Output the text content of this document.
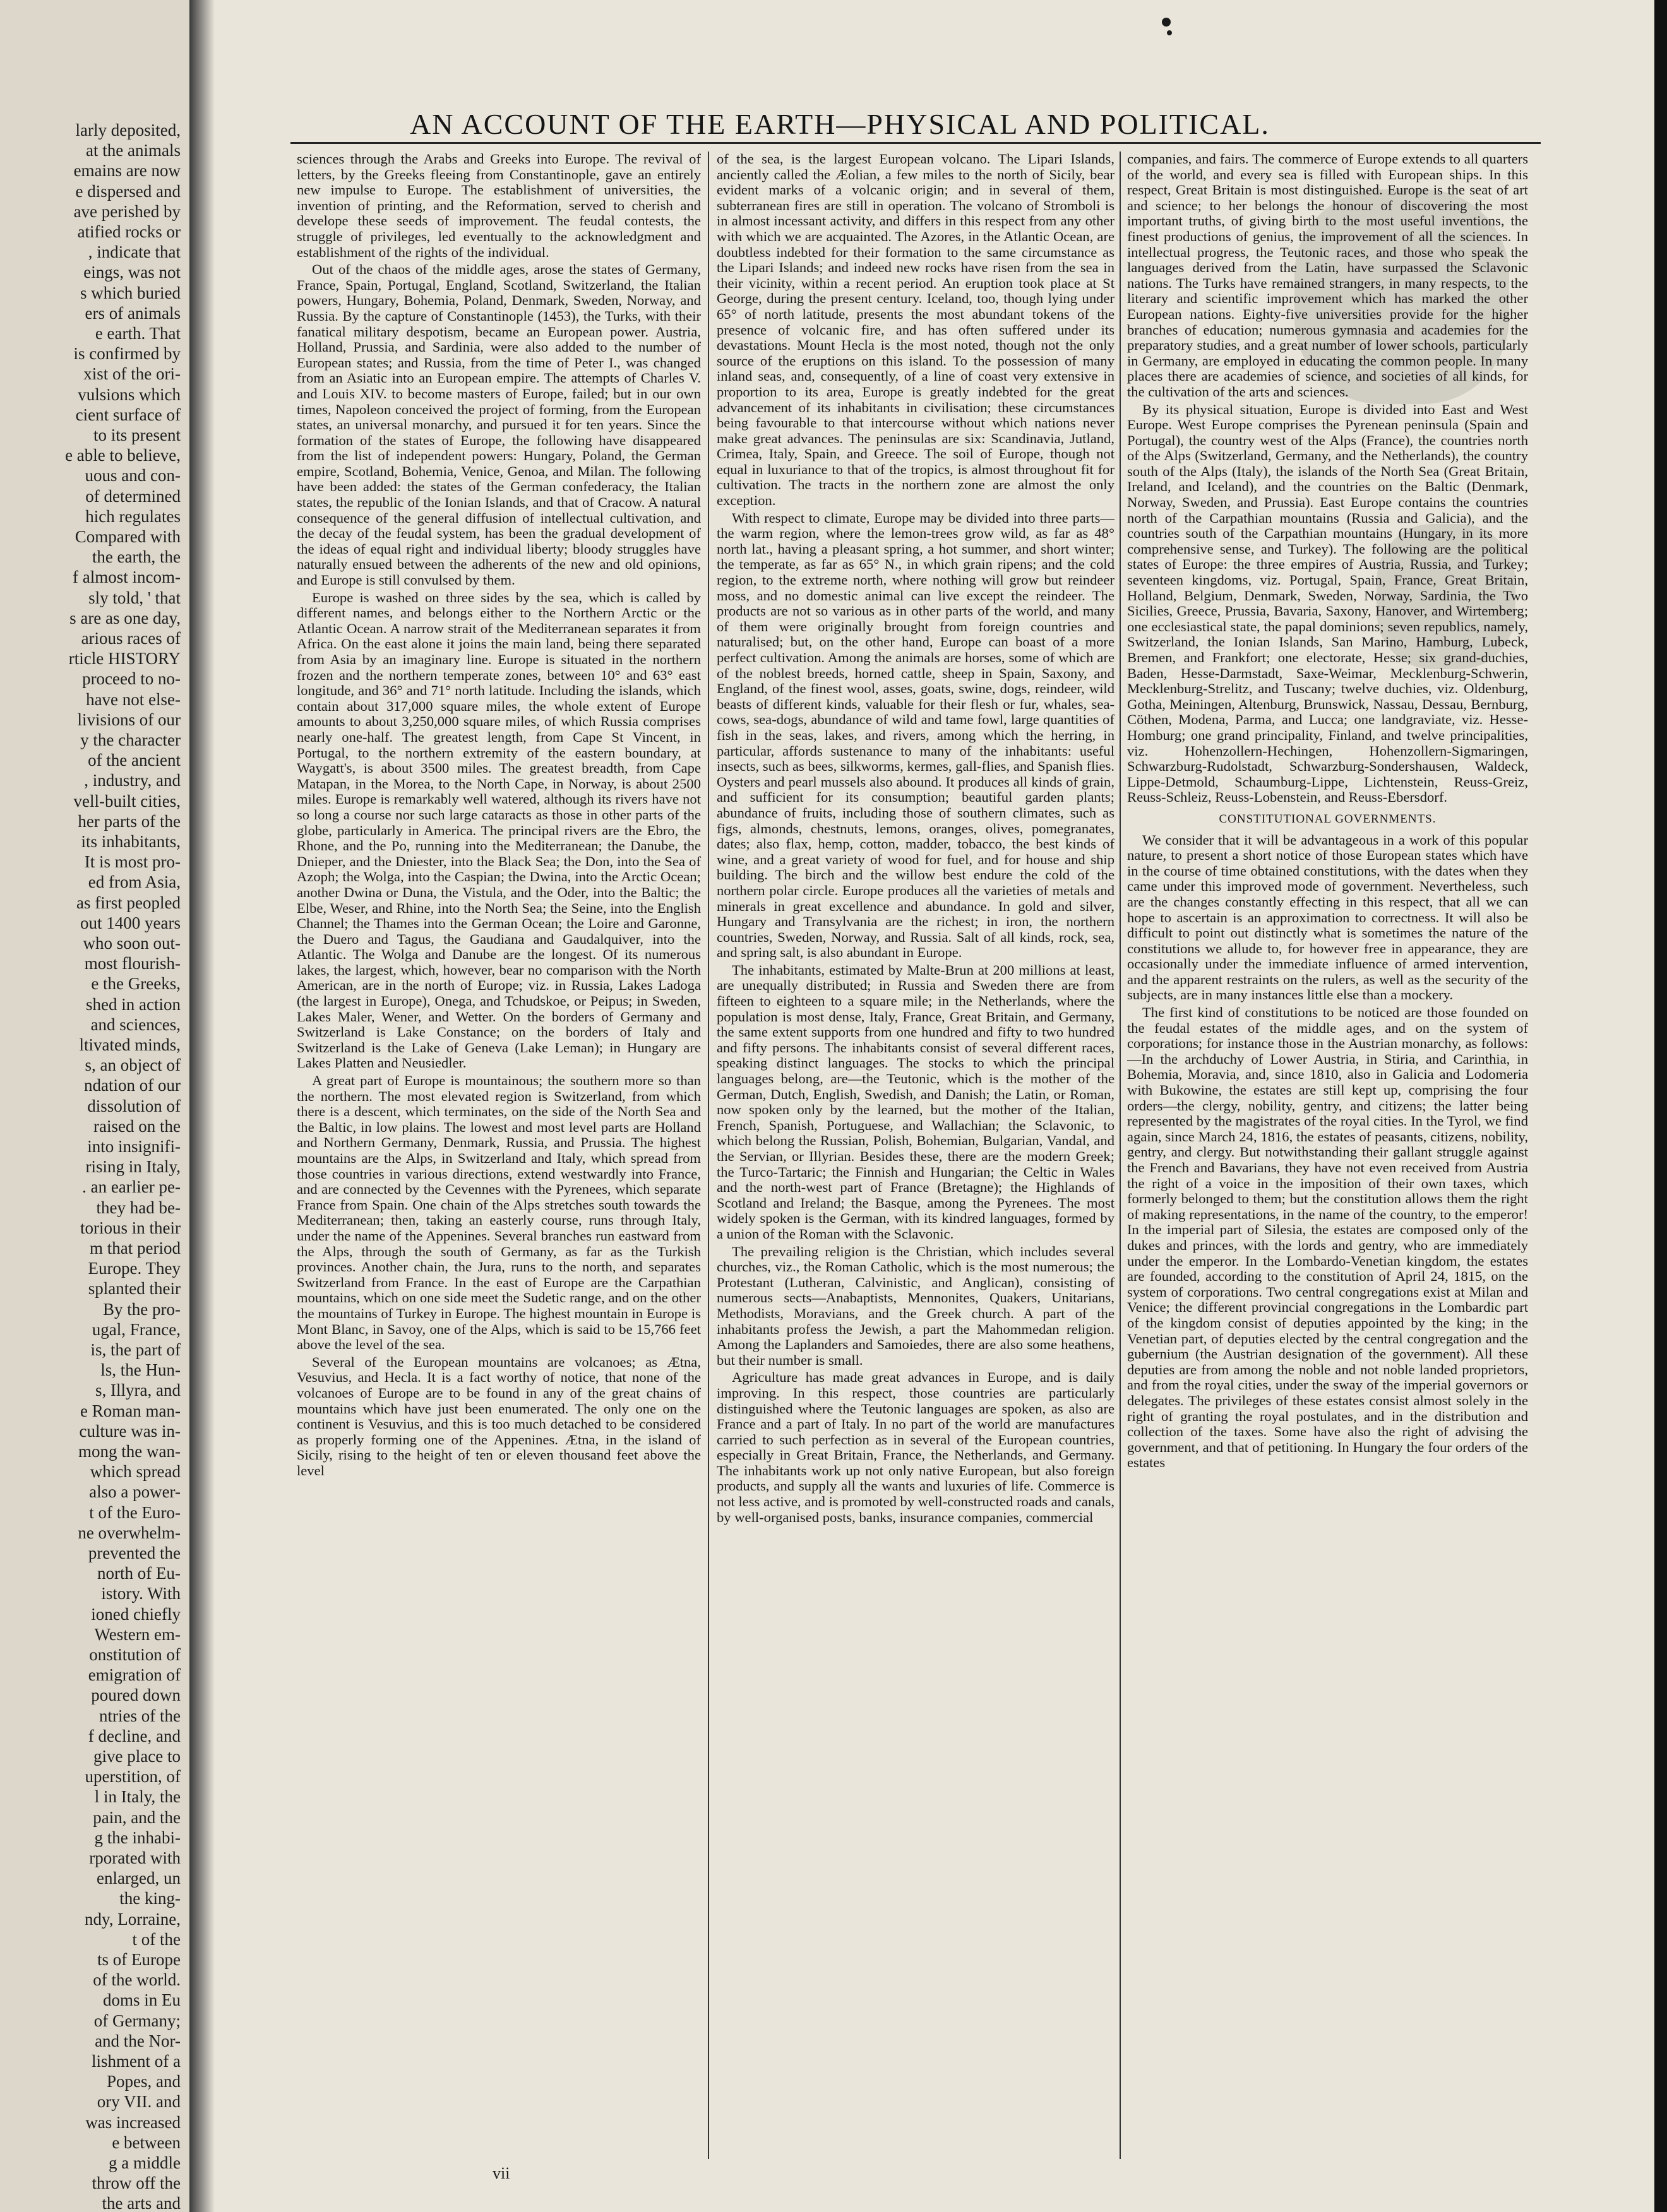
larly deposited,
at the animals
emains are now
e dispersed and
ave perished by
atified rocks or
, indicate that
eings, was not
s which buried
ers of animals
e earth. That
is confirmed by
xist of the ori-
vulsions which
cient surface of
to its present
e able to believe,
uous and con-
of determined
hich regulates
Compared with
the earth, the
f almost incom-
sly told, ' that
s are as one day,
arious races of
rticle HISTORY
proceed to no-
have not else-
livisions of our
y the character
of the ancient
, industry, and
vell-built cities,
her parts of the
its inhabitants,
It is most pro-
ed from Asia,
as first peopled
out 1400 years
who soon out-
most flourish-
e the Greeks,
shed in action
and sciences,
ltivated minds,
s, an object of
ndation of our
dissolution of
raised on the
into insignifi-
rising in Italy,
. an earlier pe-
they had be-
torious in their
m that period
Europe. They
splanted their
By the pro-
ugal, France,
is, the part of
ls, the Hun-
s, Illyra, and
e Roman man-
culture was in-
mong the wan-
which spread
also a power-
t of the Euro-
ne overwhelm-
prevented the
north of Eu-
istory. With
ioned chiefly
Western em-
onstitution of
emigration of
poured down
ntries of the
f decline, and
give place to
uperstition, of
l in Italy, the
pain, and the
g the inhabi-
rporated with
enlarged, un
the king-
ndy, Lorraine,
t of the
ts of Europe
of the world.
doms in Eu
of Germany;
and the Nor-
lishment of a
Popes, and
ory VII. and
was increased
e between
g a middle
throw off the
the arts and
AN ACCOUNT OF THE EARTH—PHYSICAL AND POLITICAL.

sciences through the Arabs and Greeks into Europe. The revival of letters, by the Greeks fleeing from Constantinople, gave an entirely new impulse to Europe. The establishment of universities, the invention of printing, and the Reformation, served to cherish and develope these seeds of improvement. The feudal contests, the struggle of privileges, led eventually to the acknowledgment and establishment of the rights of the individual.

Out of the chaos of the middle ages, arose the states of Germany, France, Spain, Portugal, England, Scotland, Switzerland, the Italian powers, Hungary, Bohemia, Poland, Denmark, Sweden, Norway, and Russia. By the capture of Constantinople (1453), the Turks, with their fanatical military despotism, became an European power. Austria, Holland, Prussia, and Sardinia, were also added to the number of European states; and Russia, from the time of Peter I., was changed from an Asiatic into an European empire. The attempts of Charles V. and Louis XIV. to become masters of Europe, failed; but in our own times, Napoleon conceived the project of forming, from the European states, an universal monarchy, and pursued it for ten years. Since the formation of the states of Europe, the following have disappeared from the list of independent powers: Hungary, Poland, the German empire, Scotland, Bohemia, Venice, Genoa, and Milan. The following have been added: the states of the German confederacy, the Italian states, the republic of the Ionian Islands, and that of Cracow. A natural consequence of the general diffusion of intellectual cultivation, and the decay of the feudal system, has been the gradual development of the ideas of equal right and individual liberty; bloody struggles have naturally ensued between the adherents of the new and old opinions, and Europe is still convulsed by them.

Europe is washed on three sides by the sea, which is called by different names, and belongs either to the Northern Arctic or the Atlantic Ocean. A narrow strait of the Mediterranean separates it from Africa. On the east alone it joins the main land, being there separated from Asia by an imaginary line. Europe is situated in the northern frozen and the northern temperate zones, between 10° and 63° east longitude, and 36° and 71° north latitude. Including the islands, which contain about 317,000 square miles, the whole extent of Europe amounts to about 3,250,000 square miles, of which Russia comprises nearly one-half. The greatest length, from Cape St Vincent, in Portugal, to the northern extremity of the eastern boundary, at Waygatt's, is about 3500 miles. The greatest breadth, from Cape Matapan, in the Morea, to the North Cape, in Norway, is about 2500 miles. Europe is remarkably well watered, although its rivers have not so long a course nor such large cataracts as those in other parts of the globe, particularly in America. The principal rivers are the Ebro, the Rhone, and the Po, running into the Mediterranean; the Danube, the Dnieper, and the Dniester, into the Black Sea; the Don, into the Sea of Azoph; the Wolga, into the Caspian; the Dwina, into the Arctic Ocean; another Dwina or Duna, the Vistula, and the Oder, into the Baltic; the Elbe, Weser, and Rhine, into the North Sea; the Seine, into the English Channel; the Thames into the German Ocean; the Loire and Garonne, the Duero and Tagus, the Gaudiana and Gaudalquiver, into the Atlantic. The Wolga and Danube are the longest. Of its numerous lakes, the largest, which, however, bear no comparison with the North American, are in the north of Europe; viz. in Russia, Lakes Ladoga (the largest in Europe), Onega, and Tchudskoe, or Peipus; in Sweden, Lakes Maler, Wener, and Wetter. On the borders of Germany and Switzerland is Lake Constance; on the borders of Italy and Switzerland is the Lake of Geneva (Lake Leman); in Hungary are Lakes Platten and Neusiedler.

A great part of Europe is mountainous; the southern more so than the northern. The most elevated region is Switzerland, from which there is a descent, which terminates, on the side of the North Sea and the Baltic, in low plains. The lowest and most level parts are Holland and Northern Germany, Denmark, Russia, and Prussia. The highest mountains are the Alps, in Switzerland and Italy, which spread from those countries in various directions, extend westwardly into France, and are connected by the Cevennes with the Pyrenees, which separate France from Spain. One chain of the Alps stretches south towards the Mediterranean; then, taking an easterly course, runs through Italy, under the name of the Appenines. Several branches run eastward from the Alps, through the south of Germany, as far as the Turkish provinces. Another chain, the Jura, runs to the north, and separates Switzerland from France. In the east of Europe are the Carpathian mountains, which on one side meet the Sudetic range, and on the other the mountains of Turkey in Europe. The highest mountain in Europe is Mont Blanc, in Savoy, one of the Alps, which is said to be 15,766 feet above the level of the sea.

Several of the European mountains are volcanoes; as Ætna, Vesuvius, and Hecla. It is a fact worthy of notice, that none of the volcanoes of Europe are to be found in any of the great chains of mountains which have just been enumerated. The only one on the continent is Vesuvius, and this is too much detached to be considered as properly forming one of the Appenines. Ætna, in the island of Sicily, rising to the height of ten or eleven thousand feet above the level

of the sea, is the largest European volcano. The Lipari Islands, anciently called the Æolian, a few miles to the north of Sicily, bear evident marks of a volcanic origin; and in several of them, subterranean fires are still in operation. The volcano of Stromboli is in almost incessant activity, and differs in this respect from any other with which we are acquainted. The Azores, in the Atlantic Ocean, are doubtless indebted for their formation to the same circumstance as the Lipari Islands; and indeed new rocks have risen from the sea in their vicinity, within a recent period. An eruption took place at St George, during the present century. Iceland, too, though lying under 65° of north latitude, presents the most abundant tokens of the presence of volcanic fire, and has often suffered under its devastations. Mount Hecla is the most noted, though not the only source of the eruptions on this island. To the possession of many inland seas, and, consequently, of a line of coast very extensive in proportion to its area, Europe is greatly indebted for the great advancement of its inhabitants in civilisation; these circumstances being favourable to that intercourse without which nations never make great advances. The peninsulas are six: Scandinavia, Jutland, Crimea, Italy, Spain, and Greece. The soil of Europe, though not equal in luxuriance to that of the tropics, is almost throughout fit for cultivation. The tracts in the northern zone are almost the only exception.

With respect to climate, Europe may be divided into three parts—the warm region, where the lemon-trees grow wild, as far as 48° north lat., having a pleasant spring, a hot summer, and short winter; the temperate, as far as 65° N., in which grain ripens; and the cold region, to the extreme north, where nothing will grow but reindeer moss, and no domestic animal can live except the reindeer. The products are not so various as in other parts of the world, and many of them were originally brought from foreign countries and naturalised; but, on the other hand, Europe can boast of a more perfect cultivation. Among the animals are horses, some of which are of the noblest breeds, horned cattle, sheep in Spain, Saxony, and England, of the finest wool, asses, goats, swine, dogs, reindeer, wild beasts of different kinds, valuable for their flesh or fur, whales, sea-cows, sea-dogs, abundance of wild and tame fowl, large quantities of fish in the seas, lakes, and rivers, among which the herring, in particular, affords sustenance to many of the inhabitants: useful insects, such as bees, silkworms, kermes, gall-flies, and Spanish flies. Oysters and pearl mussels also abound. It produces all kinds of grain, and sufficient for its consumption; beautiful garden plants; abundance of fruits, including those of southern climates, such as figs, almonds, chestnuts, lemons, oranges, olives, pomegranates, dates; also flax, hemp, cotton, madder, tobacco, the best kinds of wine, and a great variety of wood for fuel, and for house and ship building. The birch and the willow best endure the cold of the northern polar circle. Europe produces all the varieties of metals and minerals in great excellence and abundance. In gold and silver, Hungary and Transylvania are the richest; in iron, the northern countries, Sweden, Norway, and Russia. Salt of all kinds, rock, sea, and spring salt, is also abundant in Europe.

The inhabitants, estimated by Malte-Brun at 200 millions at least, are unequally distributed; in Russia and Sweden there are from fifteen to eighteen to a square mile; in the Netherlands, where the population is most dense, Italy, France, Great Britain, and Germany, the same extent supports from one hundred and fifty to two hundred and fifty persons. The inhabitants consist of several different races, speaking distinct languages. The stocks to which the principal languages belong, are—the Teutonic, which is the mother of the German, Dutch, English, Swedish, and Danish; the Latin, or Roman, now spoken only by the learned, but the mother of the Italian, French, Spanish, Portuguese, and Wallachian; the Sclavonic, to which belong the Russian, Polish, Bohemian, Bulgarian, Vandal, and the Servian, or Illyrian. Besides these, there are the modern Greek; the Turco-Tartaric; the Finnish and Hungarian; the Celtic in Wales and the north-west part of France (Bretagne); the Highlands of Scotland and Ireland; the Basque, among the Pyrenees. The most widely spoken is the German, with its kindred languages, formed by a union of the Roman with the Sclavonic.

The prevailing religion is the Christian, which includes several churches, viz., the Roman Catholic, which is the most numerous; the Protestant (Lutheran, Calvinistic, and Anglican), consisting of numerous sects—Anabaptists, Mennonites, Quakers, Unitarians, Methodists, Moravians, and the Greek church. A part of the inhabitants profess the Jewish, a part the Mahommedan religion. Among the Laplanders and Samoiedes, there are also some heathens, but their number is small.

Agriculture has made great advances in Europe, and is daily improving. In this respect, those countries are particularly distinguished where the Teutonic languages are spoken, as also are France and a part of Italy. In no part of the world are manufactures carried to such perfection as in several of the European countries, especially in Great Britain, France, the Netherlands, and Germany. The inhabitants work up not only native European, but also foreign products, and supply all the wants and luxuries of life. Commerce is not less active, and is promoted by well-constructed roads and canals, by well-organised posts, banks, insurance companies, commercial

companies, and fairs. The commerce of Europe extends to all quarters of the world, and every sea is filled with European ships. In this respect, Great Britain is most distinguished. Europe is the seat of art and science; to her belongs the honour of discovering the most important truths, of giving birth to the most useful inventions, the finest productions of genius, the improvement of all the sciences. In intellectual progress, the Teutonic races, and those who speak the languages derived from the Latin, have surpassed the Sclavonic nations. The Turks have remained strangers, in many respects, to the literary and scientific improvement which has marked the other European nations. Eighty-five universities provide for the higher branches of education; numerous gymnasia and academies for the preparatory studies, and a great number of lower schools, particularly in Germany, are employed in educating the common people. In many places there are academies of science, and societies of all kinds, for the cultivation of the arts and sciences.

By its physical situation, Europe is divided into East and West Europe. West Europe comprises the Pyrenean peninsula (Spain and Portugal), the country west of the Alps (France), the countries north of the Alps (Switzerland, Germany, and the Netherlands), the country south of the Alps (Italy), the islands of the North Sea (Great Britain, Ireland, and Iceland), and the countries on the Baltic (Denmark, Norway, Sweden, and Prussia). East Europe contains the countries north of the Carpathian mountains (Russia and Galicia), and the countries south of the Carpathian mountains (Hungary, in its more comprehensive sense, and Turkey). The following are the political states of Europe: the three empires of Austria, Russia, and Turkey; seventeen kingdoms, viz. Portugal, Spain, France, Great Britain, Holland, Belgium, Denmark, Sweden, Norway, Sardinia, the Two Sicilies, Greece, Prussia, Bavaria, Saxony, Hanover, and Wirtemberg; one ecclesiastical state, the papal dominions; seven republics, namely, Switzerland, the Ionian Islands, San Marino, Hamburg, Lubeck, Bremen, and Frankfort; one electorate, Hesse; six grand-duchies, Baden, Hesse-Darmstadt, Saxe-Weimar, Mecklenburg-Schwerin, Mecklenburg-Strelitz, and Tuscany; twelve duchies, viz. Oldenburg, Gotha, Meiningen, Altenburg, Brunswick, Nassau, Dessau, Bernburg, Cöthen, Modena, Parma, and Lucca; one landgraviate, viz. Hesse-Homburg; one grand principality, Finland, and twelve principalities, viz. Hohenzollern-Hechingen, Hohenzollern-Sigmaringen, Schwarzburg-Rudolstadt, Schwarzburg-Sondershausen, Waldeck, Lippe-Detmold, Schaumburg-Lippe, Lichtenstein, Reuss-Greiz, Reuss-Schleiz, Reuss-Lobenstein, and Reuss-Ebersdorf.

CONSTITUTIONAL GOVERNMENTS.

We consider that it will be advantageous in a work of this popular nature, to present a short notice of those European states which have in the course of time obtained constitutions, with the dates when they came under this improved mode of government. Nevertheless, such are the changes constantly effecting in this respect, that all we can hope to ascertain is an approximation to correctness. It will also be difficult to point out distinctly what is sometimes the nature of the constitutions we allude to, for however free in appearance, they are occasionally under the immediate influence of armed intervention, and the apparent restraints on the rulers, as well as the security of the subjects, are in many instances little else than a mockery.

The first kind of constitutions to be noticed are those founded on the feudal estates of the middle ages, and on the system of corporations; for instance those in the Austrian monarchy, as follows:—In the archduchy of Lower Austria, in Stiria, and Carinthia, in Bohemia, Moravia, and, since 1810, also in Galicia and Lodomeria with Bukowine, the estates are still kept up, comprising the four orders—the clergy, nobility, gentry, and citizens; the latter being represented by the magistrates of the royal cities. In the Tyrol, we find again, since March 24, 1816, the estates of peasants, citizens, nobility, gentry, and clergy. But notwithstanding their gallant struggle against the French and Bavarians, they have not even received from Austria the right of a voice in the imposition of their own taxes, which formerly belonged to them; but the constitution allows them the right of making representations, in the name of the country, to the emperor! In the imperial part of Silesia, the estates are composed only of the dukes and princes, with the lords and gentry, who are immediately under the emperor. In the Lombardo-Venetian kingdom, the estates are founded, according to the constitution of April 24, 1815, on the system of corporations. Two central congregations exist at Milan and Venice; the different provincial congregations in the Lombardic part of the kingdom consist of deputies appointed by the king; in the Venetian part, of deputies elected by the central congregation and the gubernium (the Austrian designation of the government). All these deputies are from among the noble and not noble landed proprietors, and from the royal cities, under the sway of the imperial governors or delegates. The privileges of these estates consist almost solely in the right of granting the royal postulates, and in the distribution and collection of the taxes. Some have also the right of advising the government, and that of petitioning. In Hungary the four orders of the estates

vii
